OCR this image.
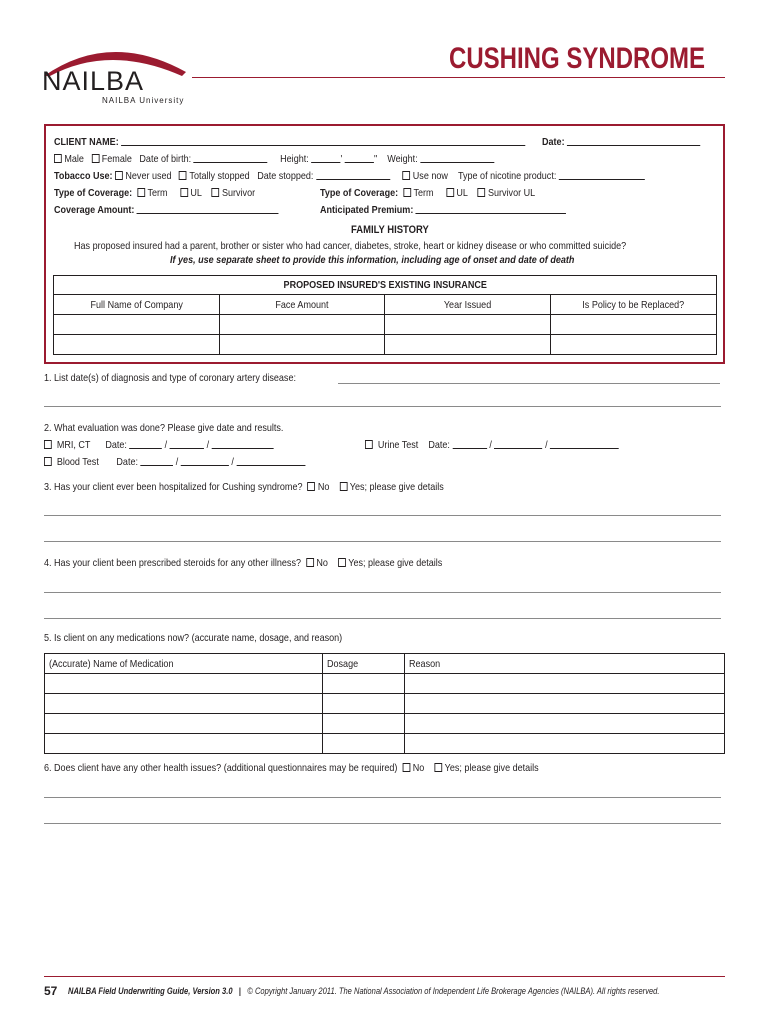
NAILBA
NAILBA University
CUSHING SYNDROME
CLIENT NAME:	Date:
Male Female Date of birth:	Height:	'	" Weight:
Tobacco Use: Never used Totally stopped Date stopped:	Use now Type of nicotine product:
Type of Coverage: Term UL Survivor	Type of Coverage: Term UL Survivor UL
Coverage Amount:	Anticipated Premium:
FAMILY HISTORY
Has proposed insured had a parent, brother or sister who had cancer, diabetes, stroke, heart or kidney disease or who committed suicide?
If yes, use separate sheet to provide this information, including age of onset and date of death
PROPOSED INSURED'S EXISTING INSURANCE			
Full Name of Company	Face Amount	Year Issued	Is Policy to be Replaced?

1. List date(s) of diagnosis and type of coronary artery disease:
2. What evaluation was done? Please give date and results.
MRI, CT Date:	/	/	Urine Test Date:	/	/
Blood Test Date:	/	/
3. Has your client ever been hospitalized for Cushing syndrome? No Yes; please give details
4. Has your client been prescribed steroids for any other illness? No Yes; please give details
5. Is client on any medications now? (accurate name, dosage, and reason)
(Accurate) Name of Medication	Dosage	Reason

6. Does client have any other health issues? (additional questionnaires may be required) No Yes; please give details
57 NAILBA Field Underwriting Guide, Version 3.0 | © Copyright January 2011. The National Association of Independent Life Brokerage Agencies (NAILBA). All rights reserved.
